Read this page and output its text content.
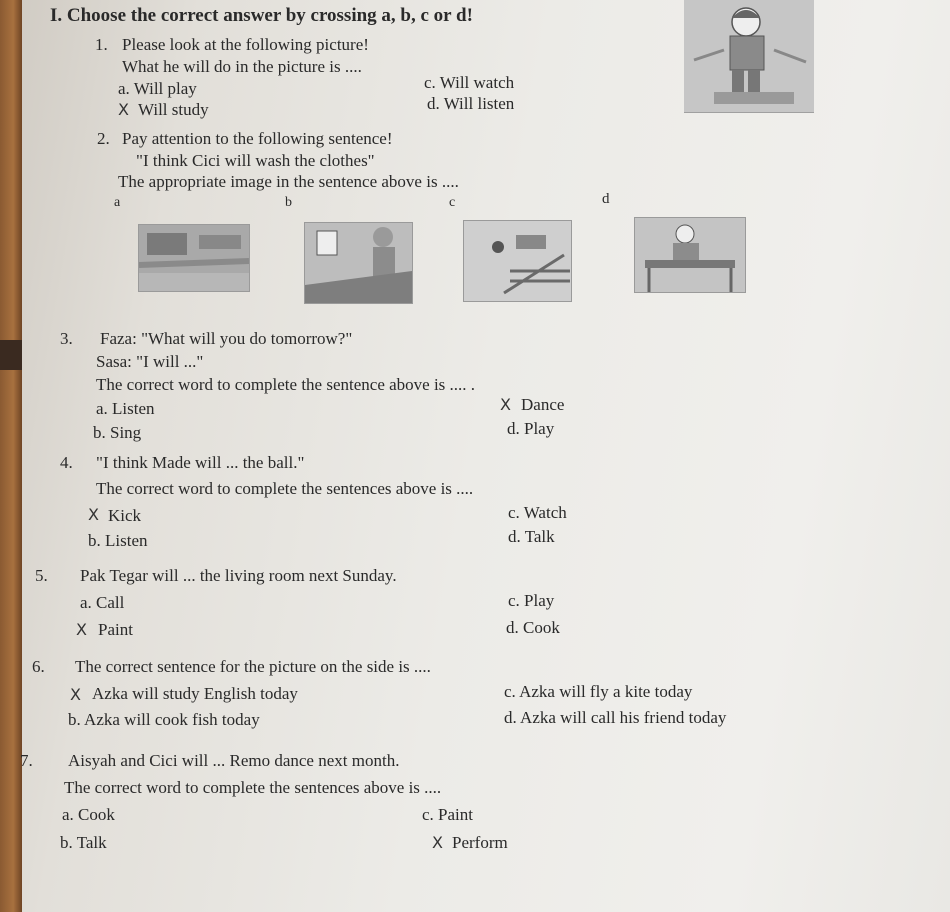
I. Choose the correct answer by crossing a, b, c or d!
1. Please look at the following picture!
What he will do in the picture is ....
a. Will play	c. Will watch
X Will study	d. Will listen
2. Pay attention to the following sentence!
"I think Cici will wash the clothes"
The appropriate image in the sentence above is ....
a	b	c	d
3. Faza: "What will you do tomorrow?"
Sasa: "I will ..."
The correct word to complete the sentence above is .... .
a. Listen	X Dance
b. Sing	d. Play
4. "I think Made will ... the ball."
The correct word to complete the sentences above is ....
X Kick	c. Watch
b. Listen	d. Talk
5. Pak Tegar will ... the living room next Sunday.
a. Call	c. Play
X Paint	d. Cook
6. The correct sentence for the picture on the side is ....
X Azka will study English today	c. Azka will fly a kite today
b. Azka will cook fish today	d. Azka will call his friend today
7. Aisyah and Cici will ... Remo dance next month.
The correct word to complete the sentences above is ....
a. Cook	c. Paint
b. Talk	X Perform
